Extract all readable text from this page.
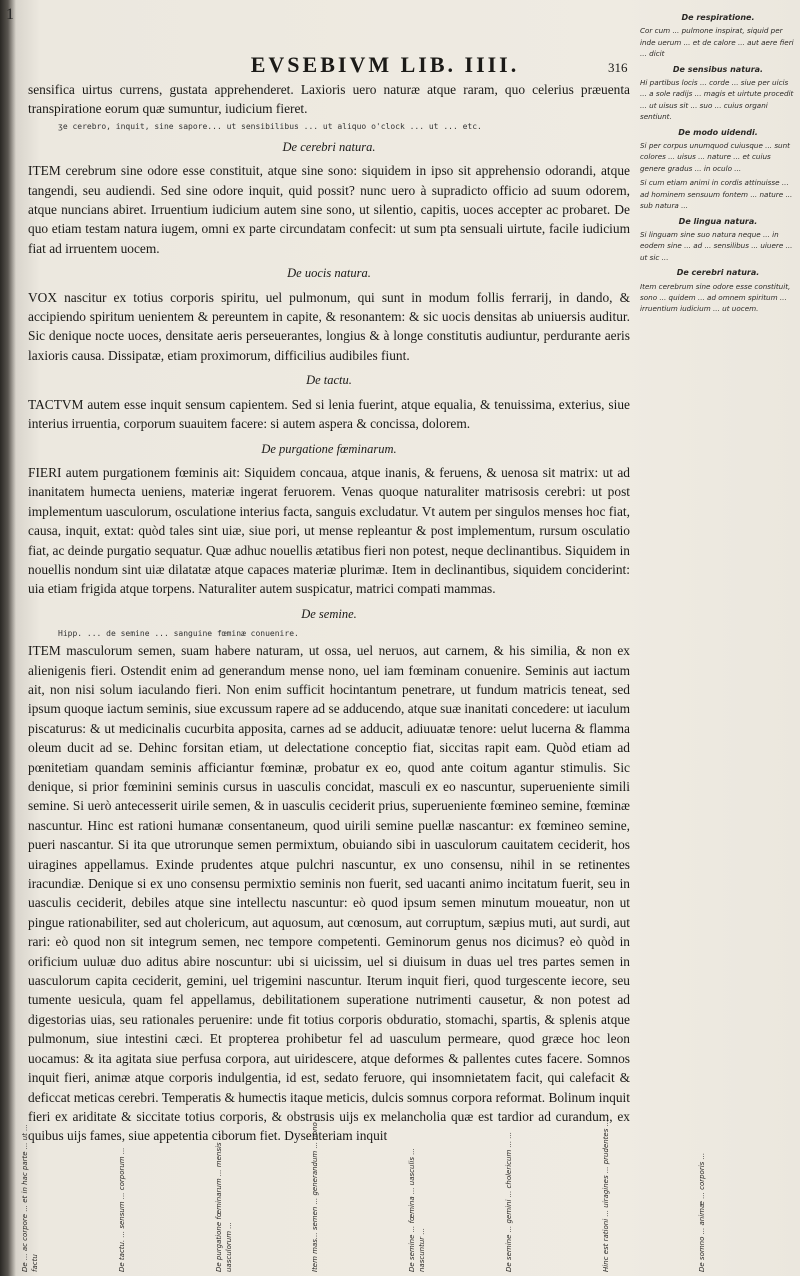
1
EVSEBIVM LIB. IIII.	316

sensifica uirtus currens, gustata apprehenderet. Laxioris uero naturæ atque raram, quo celerius præuenta transpiratione eorum quæ sumuntur, iudicium fieret.

ʒe cerebro, inquit, sine sapore... ut sensibilibus ... ut aliquo o'clock ... ut ... etc.
De cerebri natura.

ITEM cerebrum sine odore esse constituit, atque sine sono: siquidem in ipso sit apprehensio odorandi, atque tangendi, seu audiendi. Sed sine odore inquit, quid possit? nunc uero à supradicto officio ad suum odorem, atque nuncians abiret. Irruentium iudicium autem sine sono, ut silentio, capitis, uoces accepter ac probaret. De quo etiam testam natura iugem, omni ex parte circundatam confecit: ut sum pta sensuali uirtute, facile iudicium fiat ad irruentem uocem.

De uocis natura.

VOX nascitur ex totius corporis spiritu, uel pulmonum, qui sunt in modum follis ferrarij, in dando, & accipiendo spiritum uenientem & pereuntem in capite, & resonantem: & sic uocis densitas ab uniuersis auditur. Sic denique nocte uoces, densitate aeris perseuerantes, longius & à longe constitutis audiuntur, perdurante aeris laxioris causa. Dissipatæ, etiam proximorum, difficilius audibiles fiunt.

De tactu.

TACTVM autem esse inquit sensum capientem. Sed si lenia fuerint, atque equalia, & tenuissima, exterius, siue interius irruentia, corporum suauitem facere: si autem aspera & concissa, dolorem.

De purgatione fœminarum.

FIERI autem purgationem fœminis ait: Siquidem concaua, atque inanis, & feruens, & uenosa sit matrix: ut ad inanitatem humecta ueniens, materiæ ingerat feruorem. Venas quoque naturaliter matrisosis cerebri: ut post implementum uasculorum, osculatione interius facta, sanguis excludatur. Vt autem per singulos menses hoc fiat, causa, inquit, extat: quòd tales sint uiæ, siue pori, ut mense repleantur & post implementum, rursum osculatio fiat, ac deinde purgatio sequatur. Quæ adhuc nouellis ætatibus fieri non potest, neque declinantibus. Siquidem in nouellis nondum sint uiæ dilatatæ atque capaces materiæ plurimæ. Item in declinantibus, siquidem conciderint: uia etiam frigida atque torpens. Naturaliter autem suspicatur, matrici compati mammas.

De semine.
Hipp. ... de semine ... sanguine fœminæ conuenire.

ITEM masculorum semen, suam habere naturam, ut ossa, uel neruos, aut carnem, & his similia, & non ex alienigenis fieri. Ostendit enim ad generandum mense nono, uel iam fœminam conuenire. Seminis aut iactum ait, non nisi solum iaculando fieri. Non enim sufficit hocintantum penetrare, ut fundum matricis teneat, sed ipsum quoque iactum seminis, siue excussum rapere ad se adducendo, atque suæ inanitati concedere: ut iaculum piscaturus: & ut medicinalis cucurbita apposita, carnes ad se adducit, adiuuatæ tenore: uelut lucerna & flamma oleum ducit ad se. Dehinc forsitan etiam, ut delectatione conceptio fiat, siccitas rapit eam. Quòd etiam ad pœnitetiam quandam seminis afficiantur fœminæ, probatur ex eo, quod ante coitum agantur stimulis. Sic denique, si prior fœminini seminis cursus in uasculis concidat, masculi ex eo nascuntur, superueniente simili semine. Si uerò antecesserit uirile semen, & in uasculis ceciderit prius, superueniente fœmineo semine, fœminæ nascuntur. Hinc est rationi humanæ consentaneum, quod uirili semine puellæ nascantur: ex fœmineo semine, pueri nascantur. Si ita que utrorunque semen permixtum, obuiando sibi in uasculorum cauitatem ceciderit, hos uiragines appellamus. Exinde prudentes atque pulchri nascuntur, ex uno consensu, nihil in se retinentes iracundiæ. Denique si ex uno consensu permixtio seminis non fuerit, sed uacanti animo incitatum fuerit, seu in uasculis ceciderit, debiles atque sine intellectu nascuntur: eò quod ipsum semen minutum moueatur, non ut pingue rationabiliter, sed aut cholericum, aut aquosum, aut cœnosum, aut corruptum, sæpius muti, aut surdi, aut rari: eò quod non sit integrum semen, nec tempore competenti. Geminorum genus nos dicimus? eò quòd in orificium uuluæ duo aditus abire noscuntur: ubi si uicissim, uel si diuisum in duas uel tres partes semen in uasculorum capita ceciderit, gemini, uel trigemini nascuntur. Iterum inquit fieri, quod turgescente iecore, seu tumente uesicula, quam fel appellamus, debilitationem superatione nutrimenti causetur, & non potest ad digestorias uias, seu rationales peruenire: unde fit totius corporis obduratio, stomachi, spartis, & splenis atque pulmonum, siue intestini cæci. Et propterea prohibetur fel ad uasculum permeare, quod græce hoc leon uocamus: & ita agitata siue perfusa corpora, aut uiridescere, atque deformes & pallentes cutes facere. Somnos inquit fieri, animæ atque corporis indulgentia, id est, sedato feruore, qui insomnietatem facit, qui calefacit & deficcat meticas cerebri. Temperatis & humectis itaque meticis, dulcis somnus corpora reformat. Bolinum inquit fieri ex ariditate & siccitate totius corporis, & obstrusis uijs ex melancholia quæ est tardior ad curandum, ex quibus uijs fames, siue appetentia ciborum fiet. Dysenteriam inquit

De respiratione.

Cor cum ... pulmone inspirat, siquid per inde uerum ... et de calore ... aut aere fieri ... dicit

De sensibus natura.

Hi partibus locis ... corde ... siue per uicis ... a sole radijs ... magis et uirtute procedit ... ut uisus sit ... suo ... cuius organi sentiunt.

De modo uidendi.

Si per corpus unumquod cuiusque ... sunt colores ... uisus ... nature ... et cuius genere gradus ... in oculo ...

Si cum etiam animi in cordis attinuisse ... ad hominem sensuum fontem ... nature ... sub natura ...

De lingua natura.

Si linguam sine suo natura neque ... in eodem sine ... ad ... sensilibus ... uiuere ... ut sic ...

De cerebri natura.

Item cerebrum sine odore esse constituit, sono ... quidem ... ad omnem spiritum ... irruentium iudicium ... ut uocem.

De ... ac corpore ... et in hac parte ... ut ... factu	De tactu. ... sensum ... corporum ...	De purgatione fœminarum ... mensis ... uasculorum ...	Item mas... semen ... generandum ... nono ...	De semine ... fœmina ... uasculis ... nascuntur ...	De semine ... gemini ... cholericum ... ...	Hinc est rationi ... uiragines ... prudentes ...	De somno ... animæ ... corporis ...
